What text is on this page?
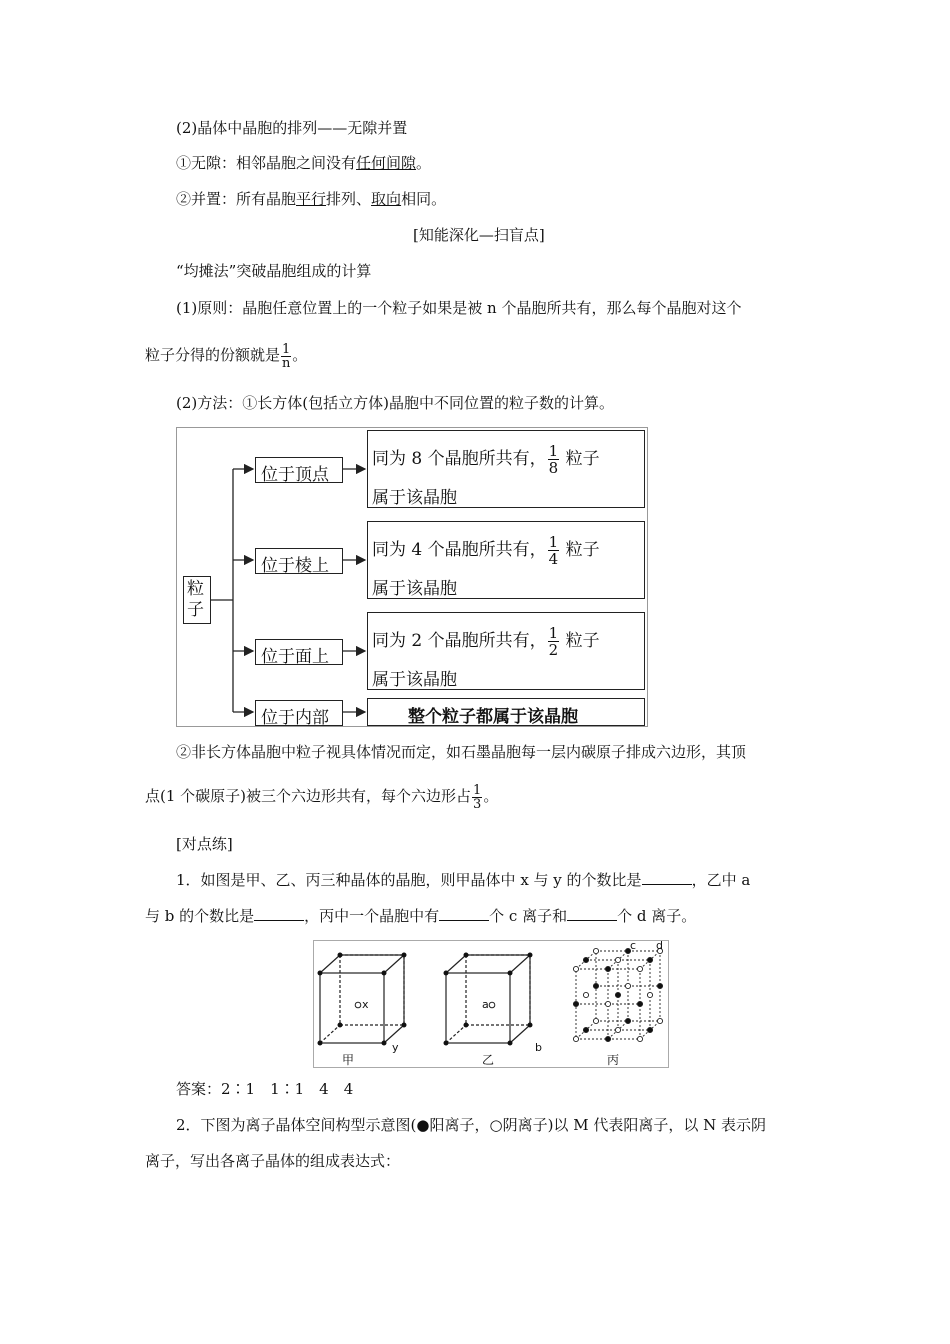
(2)晶体中晶胞的排列——无隙并置
①无隙：相邻晶胞之间没有任何间隙。
②并置：所有晶胞平行排列、取向相同。
[知能深化—扫盲点]
“均摊法”突破晶胞组成的计算
(1)原则：晶胞任意位置上的一个粒子如果是被 n 个晶胞所共有，那么每个晶胞对这个
粒子分得的份额就是 $\frac{1}{n}$ 。
(2)方法：①长方体(包括立方体)晶胞中不同位置的粒子数的计算。
粒子
位于顶点
位于棱上
位于面上
位于内部
同为 8 个晶胞所共有， $\frac{1}{8}$ 粒子
属于该晶胞
同为 4 个晶胞所共有， $\frac{1}{4}$ 粒子
属于该晶胞
同为 2 个晶胞所共有， $\frac{1}{2}$ 粒子
属于该晶胞
整个粒子都属于该晶胞
②非长方体晶胞中粒子视具体情况而定，如石墨晶胞每一层内碳原子排成六边形，其顶
点(1 个碳原子)被三个六边形共有，每个六边形占 $\frac{1}{3}$ 。
[对点练]
1．如图是甲、乙、丙三种晶体的晶胞，则甲晶体中 x 与 y 的个数比是	，乙中 a
与 b 的个数比是	，丙中一个晶胞中有	个 c 离子和	个 d 离子。
x
y
a
b
c d
甲	乙	丙
答案：2∶1　1∶1　4　4
2．下图为离子晶体空间构型示意图(●阳离子，○阴离子)以 M 代表阳离子，以 N 表示阴
离子，写出各离子晶体的组成表达式：
